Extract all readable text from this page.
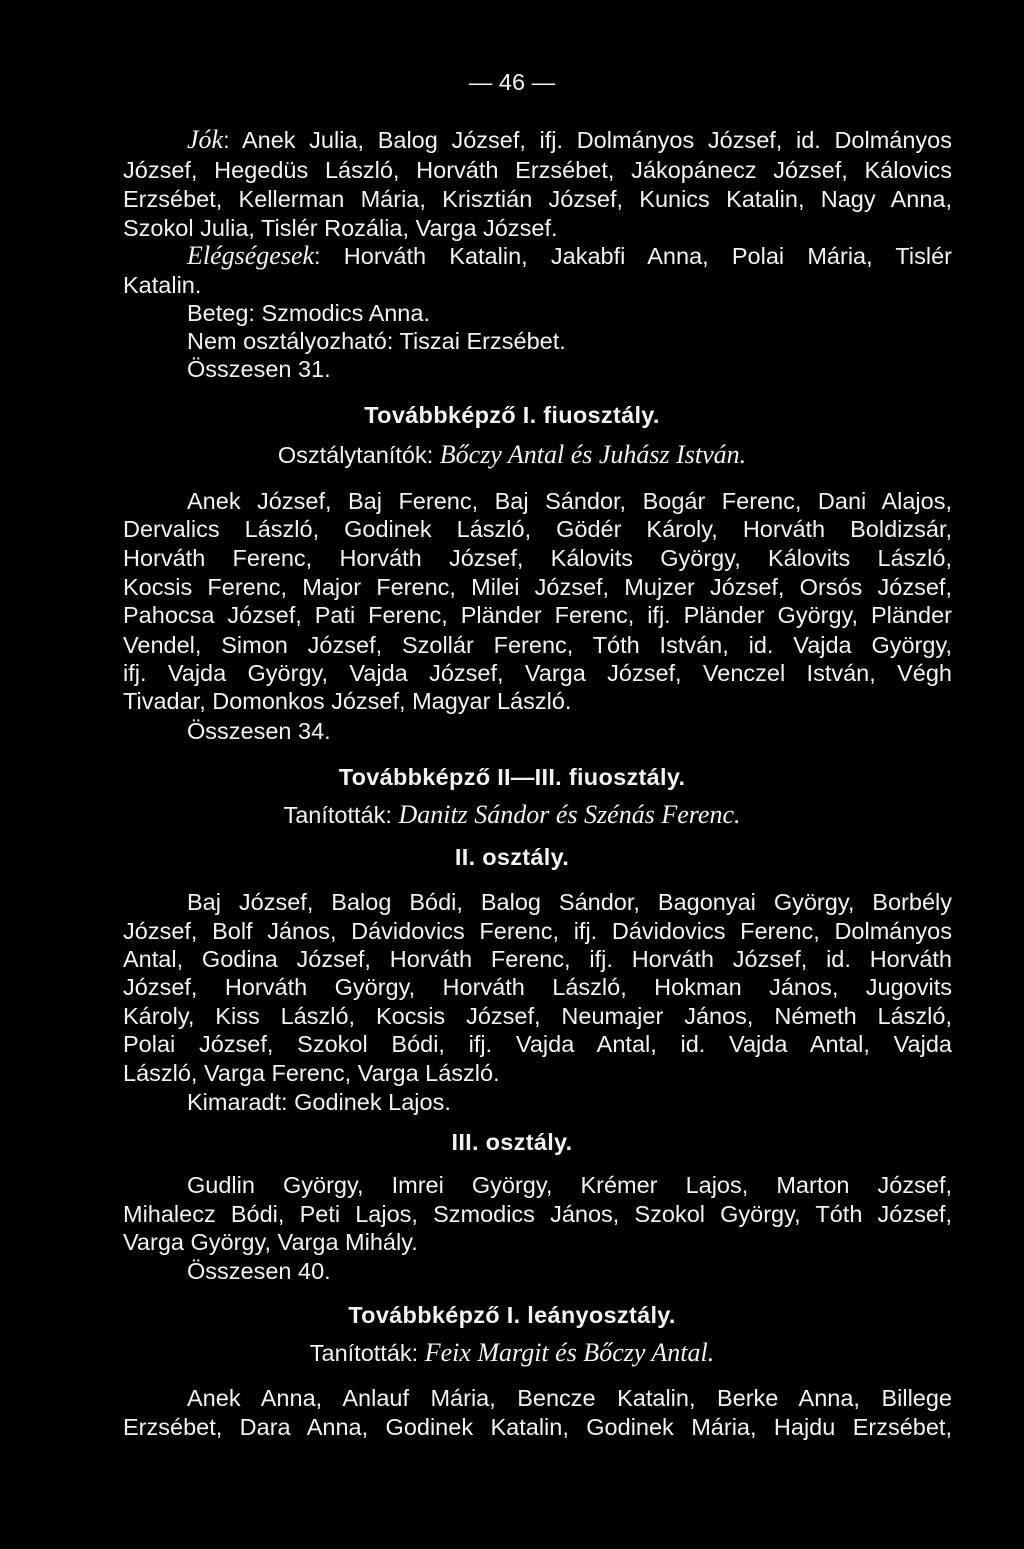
— 46 —
Jók: Anek Julia, Balog József, ifj. Dolmányos József, id. Dolmányos
József, Hegedüs László, Horváth Erzsébet, Jákopánecz József, Kálovics
Erzsébet, Kellerman Mária, Krisztián József, Kunics Katalin, Nagy Anna,
Szokol Julia, Tislér Rozália, Varga József.
Elégségesek: Horváth Katalin, Jakabfi Anna, Polai Mária, Tislér
Katalin.
Beteg: Szmodics Anna.
Nem osztályozható: Tiszai Erzsébet.
Összesen 31.
Továbbképző I. fiuosztály.
Osztálytanítók: Bőczy Antal és Juhász István.
Anek József, Baj Ferenc, Baj Sándor, Bogár Ferenc, Dani Alajos,
Dervalics László, Godinek László, Gödér Károly, Horváth Boldizsár,
Horváth Ferenc, Horváth József, Kálovits György, Kálovits László,
Kocsis Ferenc, Major Ferenc, Milei József, Mujzer József, Orsós József,
Pahocsa József, Pati Ferenc, Pländer Ferenc, ifj. Pländer György, Pländer
Vendel, Simon József, Szollár Ferenc, Tóth István, id. Vajda György,
ifj. Vajda György, Vajda József, Varga József, Venczel István, Végh
Tivadar, Domonkos József, Magyar László.
Összesen 34.
Továbbképző II—III. fiuosztály.
Tanították: Danitz Sándor és Szénás Ferenc.
II. osztály.
Baj József, Balog Bódi, Balog Sándor, Bagonyai György, Borbély
József, Bolf János, Dávidovics Ferenc, ifj. Dávidovics Ferenc, Dolmányos
Antal, Godina József, Horváth Ferenc, ifj. Horváth József, id. Horváth
József, Horváth György, Horváth László, Hokman János, Jugovits
Károly, Kiss László, Kocsis József, Neumajer János, Németh László,
Polai József, Szokol Bódi, ifj. Vajda Antal, id. Vajda Antal, Vajda
László, Varga Ferenc, Varga László.
Kimaradt: Godinek Lajos.
III. osztály.
Gudlin György, Imrei György, Krémer Lajos, Marton József,
Mihalecz Bódi, Peti Lajos, Szmodics János, Szokol György, Tóth József,
Varga György, Varga Mihály.
Összesen 40.
Továbbképző I. leányosztály.
Tanították: Feix Margit és Bőczy Antal.
Anek Anna, Anlauf Mária, Bencze Katalin, Berke Anna, Billege
Erzsébet, Dara Anna, Godinek Katalin, Godinek Mária, Hajdu Erzsébet,
